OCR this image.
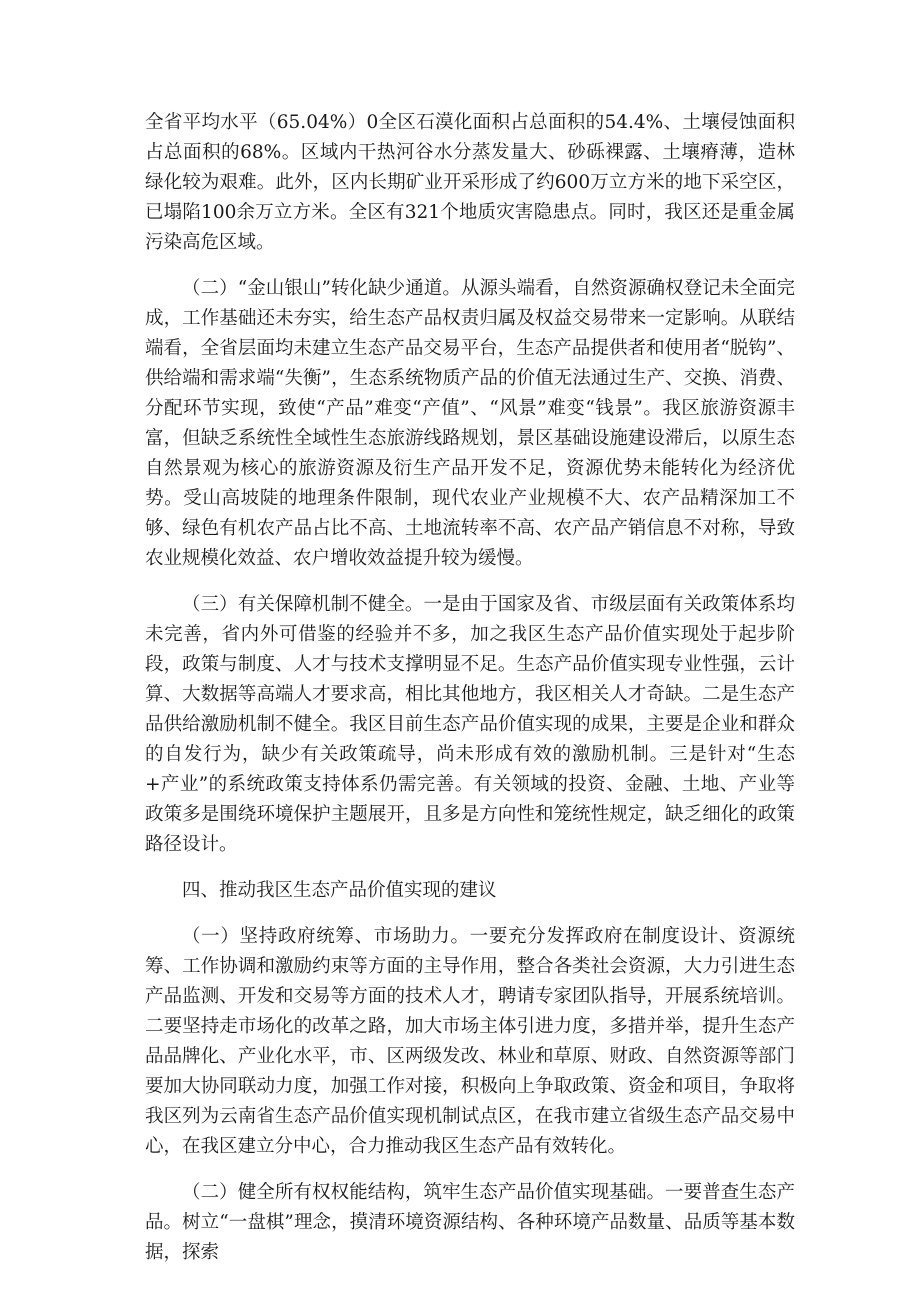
全省平均水平（65.04%）0全区石漠化面积占总面积的54.4%、土壤侵蚀面积占总面积的68%。区域内干热河谷水分蒸发量大、砂砾裸露、土壤瘠薄，造林绿化较为艰难。此外，区内长期矿业开采形成了约600万立方米的地下采空区，已塌陷100余万立方米。全区有321个地质灾害隐患点。同时，我区还是重金属污染高危区域。

（二）“金山银山”转化缺少通道。从源头端看，自然资源确权登记未全面完成，工作基础还未夯实，给生态产品权责归属及权益交易带来一定影响。从联结端看，全省层面均未建立生态产品交易平台，生态产品提供者和使用者“脱钩”、供给端和需求端“失衡”，生态系统物质产品的价值无法通过生产、交换、消费、分配环节实现，致使“产品”难变“产值”、“风景”难变“钱景”。我区旅游资源丰富，但缺乏系统性全域性生态旅游线路规划，景区基础设施建设滞后，以原生态自然景观为核心的旅游资源及衍生产品开发不足，资源优势未能转化为经济优势。受山高坡陡的地理条件限制，现代农业产业规模不大、农产品精深加工不够、绿色有机农产品占比不高、土地流转率不高、农产品产销信息不对称，导致农业规模化效益、农户增收效益提升较为缓慢。

（三）有关保障机制不健全。一是由于国家及省、市级层面有关政策体系均未完善，省内外可借鉴的经验并不多，加之我区生态产品价值实现处于起步阶段，政策与制度、人才与技术支撑明显不足。生态产品价值实现专业性强，云计算、大数据等高端人才要求高，相比其他地方，我区相关人才奇缺。二是生态产品供给激励机制不健全。我区目前生态产品价值实现的成果，主要是企业和群众的自发行为，缺少有关政策疏导，尚未形成有效的激励机制。三是针对“生态+产业”的系统政策支持体系仍需完善。有关领域的投资、金融、土地、产业等政策多是围绕环境保护主题展开，且多是方向性和笼统性规定，缺乏细化的政策路径设计。

四、推动我区生态产品价值实现的建议

（一）坚持政府统筹、市场助力。一要充分发挥政府在制度设计、资源统筹、工作协调和激励约束等方面的主导作用，整合各类社会资源，大力引进生态产品监测、开发和交易等方面的技术人才，聘请专家团队指导，开展系统培训。二要坚持走市场化的改革之路，加大市场主体引进力度，多措并举，提升生态产品品牌化、产业化水平，市、区两级发改、林业和草原、财政、自然资源等部门要加大协同联动力度，加强工作对接，积极向上争取政策、资金和项目，争取将我区列为云南省生态产品价值实现机制试点区，在我市建立省级生态产品交易中心，在我区建立分中心，合力推动我区生态产品有效转化。

（二）健全所有权权能结构，筑牢生态产品价值实现基础。一要普查生态产品。树立“一盘棋”理念，摸清环境资源结构、各种环境产品数量、品质等基本数据，探索
